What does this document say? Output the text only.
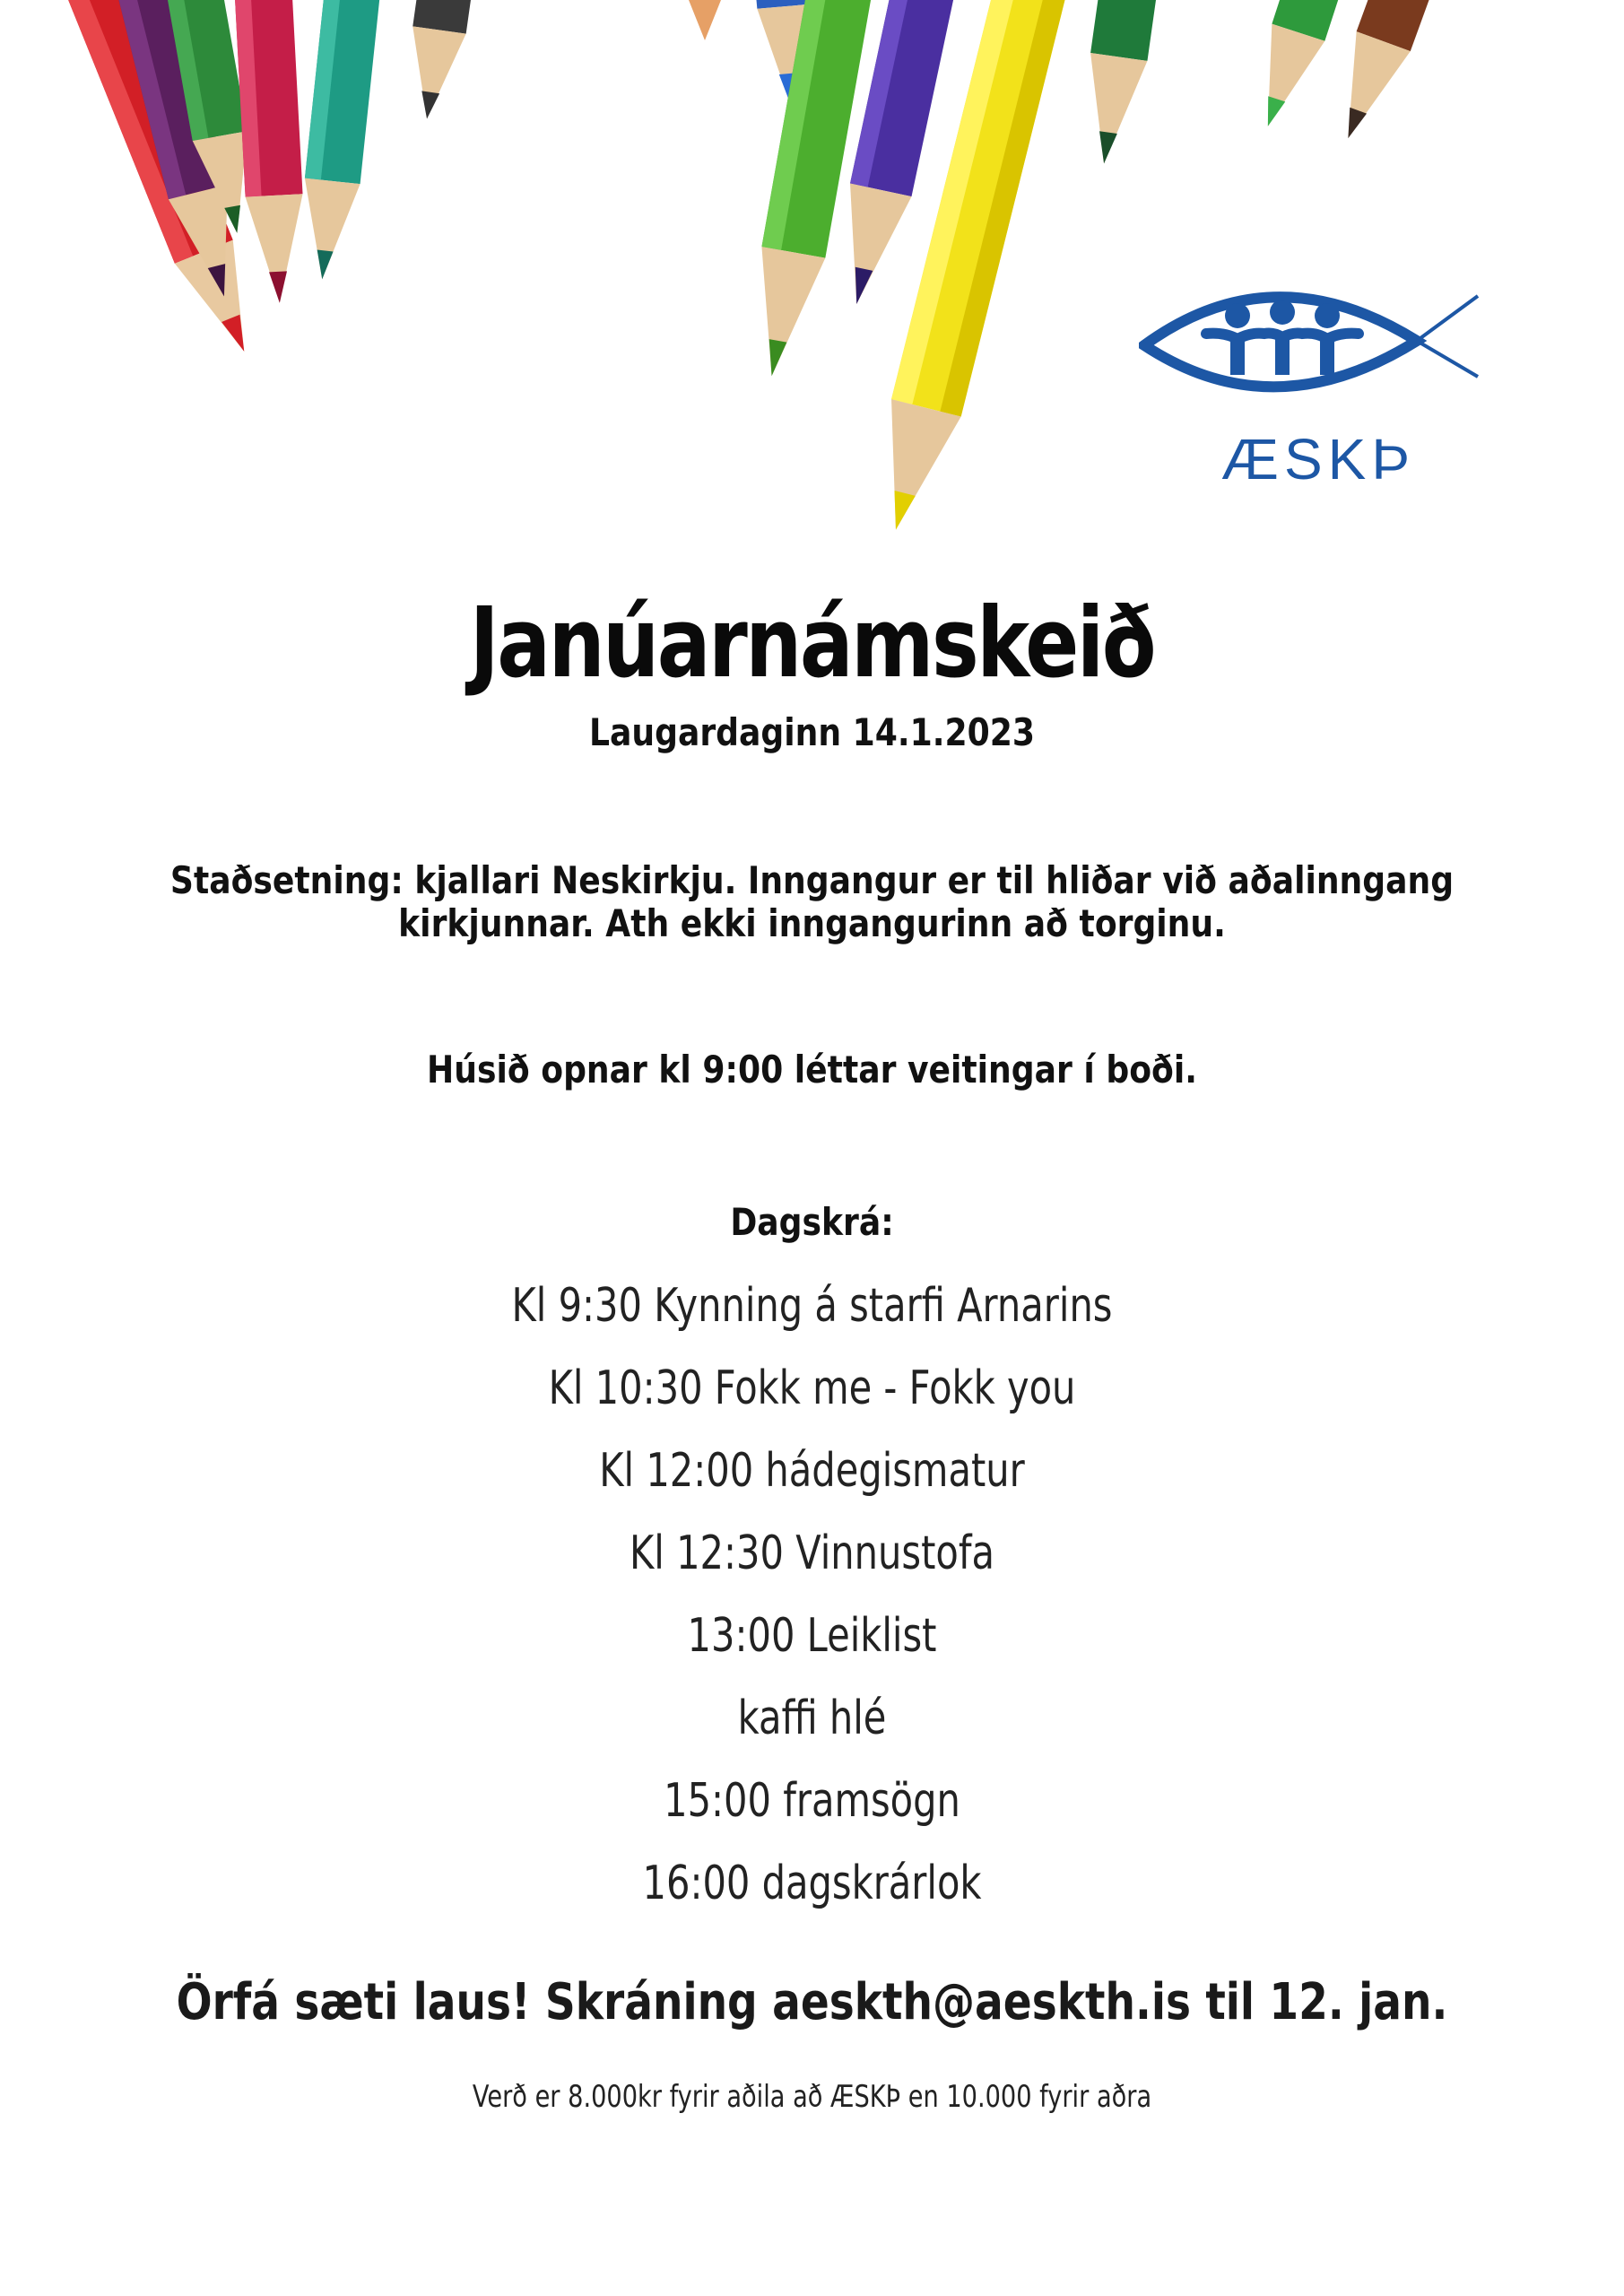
ÆSKÞ
Janúarnámskeið
Laugardaginn 14.1.2023
Staðsetning: kjallari Neskirkju. Inngangur er til hliðar við aðalinngang
kirkjunnar. Ath ekki inngangurinn að torginu.
Húsið opnar kl 9:00 léttar veitingar í boði.
Dagskrá:
Kl 9:30 Kynning á starfi Arnarins
Kl 10:30 Fokk me - Fokk you
Kl 12:00 hádegismatur
Kl 12:30 Vinnustofa
13:00 Leiklist
kaffi hlé
15:00 framsögn
16:00 dagskrárlok
Örfá sæti laus! Skráning aeskth@aeskth.is til 12. jan.
Verð er 8.000kr fyrir aðila að ÆSKÞ en 10.000 fyrir aðra
